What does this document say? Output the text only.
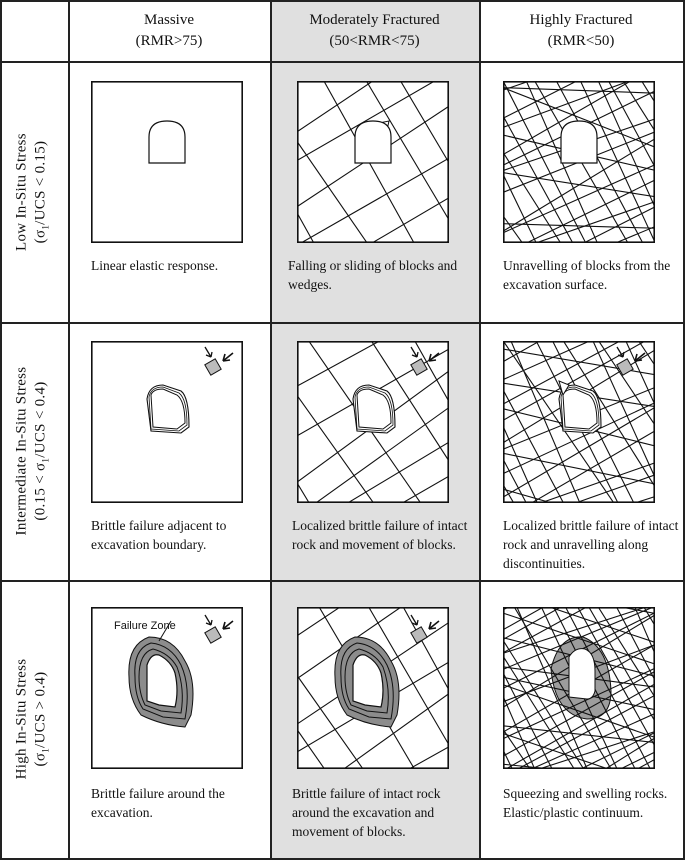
Massive
(RMR>75)
Moderately Fractured
(50<RMR<75)
Highly Fractured
(RMR<50)
Low In-Situ Stress ($\sigma_1$/UCS < 0.15)
Intermediate In-Situ Stress ($0.15 < \sigma_1$/UCS < 0.4)
High In-Situ Stress ($\sigma_1$/UCS > 0.4)
Linear elastic response.	Falling or sliding of blocks and wedges.
Unravelling of blocks from the excavation surface.
Brittle failure adjacent to excavation boundary.
Localized brittle failure of intact rock and movement of blocks.
Localized brittle failure of intact rock and unravelling along discontinuities.
Brittle failure around the excavation.
Brittle failure of intact rock around the excavation and movement of blocks.
Squeezing and swelling rocks. Elastic/plastic continuum.
Failure Zone
